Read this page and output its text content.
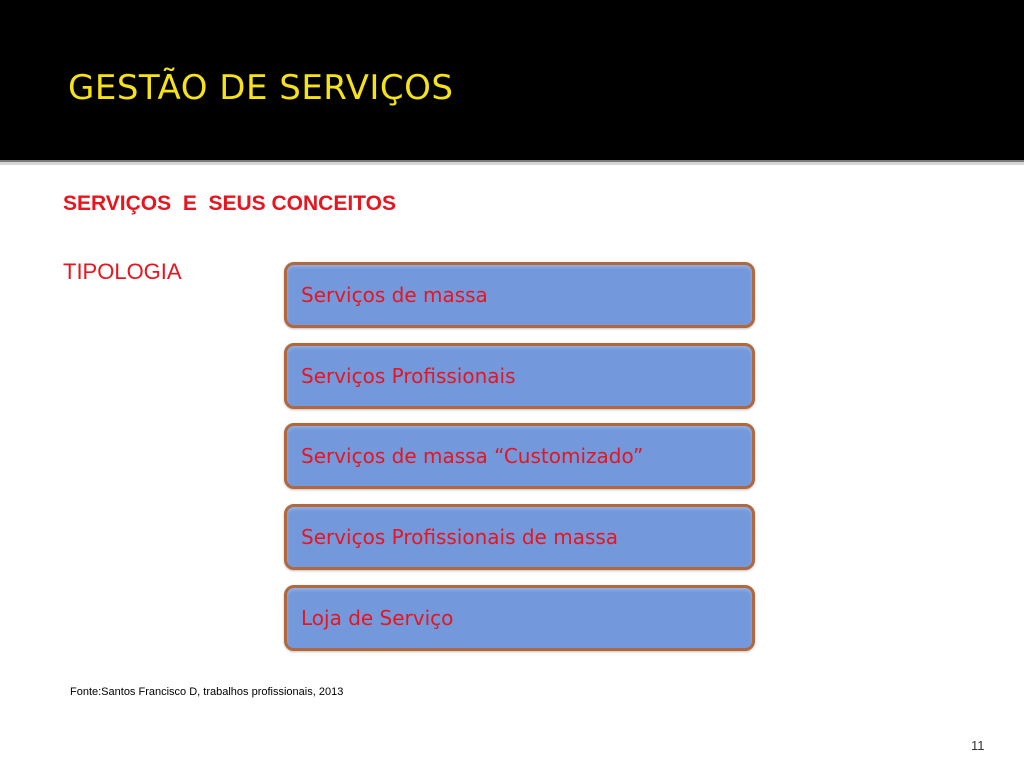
GESTÃO DE SERVIÇOS
SERVIÇOS  E  SEUS CONCEITOS
TIPOLOGIA
Serviços de massa
Serviços Profissionais
Serviços de massa “Customizado”
Serviços Profissionais de massa
Loja de Serviço
Fonte:Santos Francisco D, trabalhos profissionais, 2013
11
